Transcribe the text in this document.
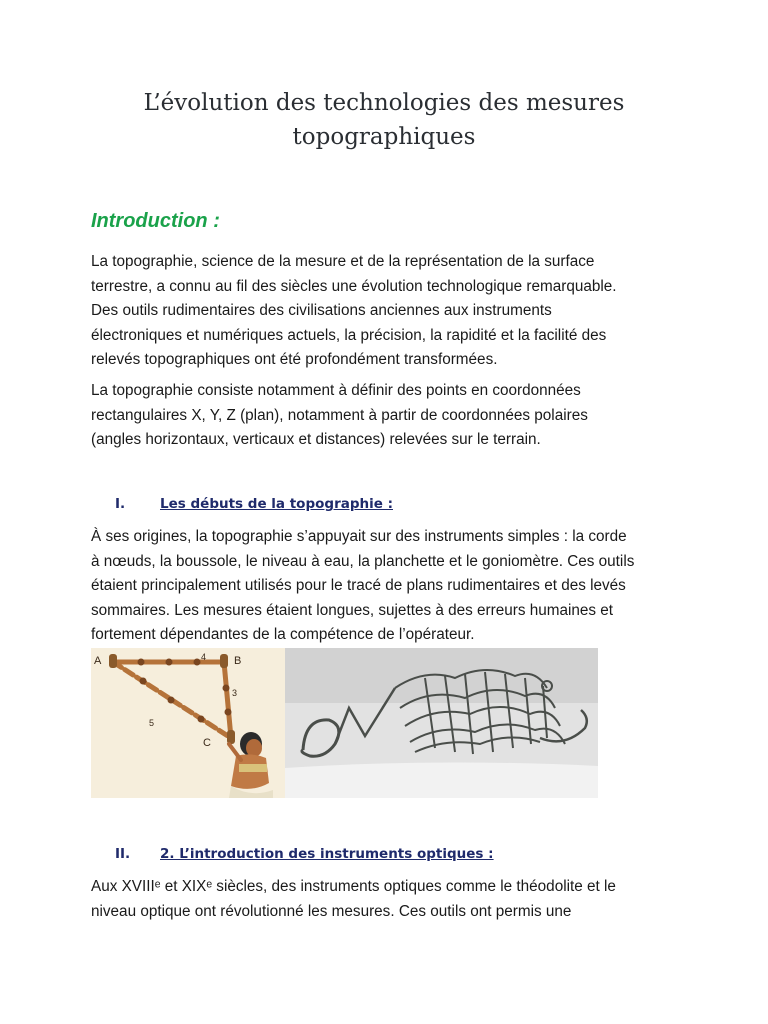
L’évolution des technologies des mesures
topographiques
Introduction :
La topographie, science de la mesure et de la représentation de la surface
terrestre, a connu au fil des siècles une évolution technologique remarquable.
Des outils rudimentaires des civilisations anciennes aux instruments
électroniques et numériques actuels, la précision, la rapidité et la facilité des
relevés topographiques ont été profondément transformées.
La topographie consiste notamment à définir des points en coordonnées
rectangulaires X, Y, Z (plan), notamment à partir de coordonnées polaires
(angles horizontaux, verticaux et distances) relevées sur le terrain.
I.	Les débuts de la topographie :
À ses origines, la topographie s’appuyait sur des instruments simples : la corde
à nœuds, la boussole, le niveau à eau, la planchette et le goniomètre. Ces outils
étaient principalement utilisés pour le tracé de plans rudimentaires et des levés
sommaires. Les mesures étaient longues, sujettes à des erreurs humaines et
fortement dépendantes de la compétence de l’opérateur.
A	B
C
4
3
5
II. 2. L’introduction des instruments optiques :
Aux XVIIIᵉ et XIXᵉ siècles, des instruments optiques comme le théodolite et le
niveau optique ont révolutionné les mesures. Ces outils ont permis une
